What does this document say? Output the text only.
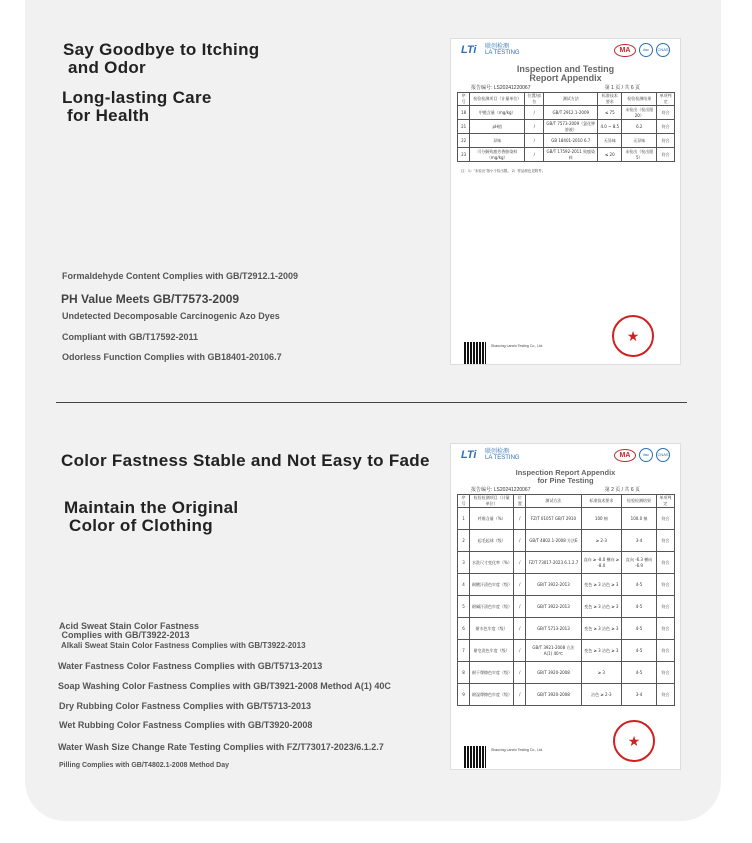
Say Goodbye to Itching
and Odor
Long-lasting Care
for Health
Formaldehyde Content Complies with GB/T2912.1-2009
PH Value Meets GB/T7573-2009
Undetected Decomposable Carcinogenic Azo Dyes
Compliant with GB/T17592-2011
Odorless Function Complies with GB18401-20106.7
LTi 联创检测
LA TESTING	MA	ilac	CNAS
Inspection and Testing
Report Appendix
报告编号: LS20241220067	第 1 页 / 共 6 页
序号	检验检测项目（计量单位）	位置/部位	测试方法	标准技术要求	检验检测结果	单项判定
18	甲醛含量（mg/kg）	/	GB/T 2912.1-2009	≤ 75	未检出（检出限20）	符合
21	pH值	/	GB/T 7573-2009（氯化钾溶液）	4.0 ~ 8.5	6.2	符合
22	异味	/	GB 18401-2010 6.7	无异味	无异味	符合
23	可分解致癌芳香胺染料（mg/kg）	/	GB/T 17592-2011 致癌染料	≤ 20	未检出（检出限5）	符合
注：1）"未检出"指小于检出限。 2）样品颜色见附件。
Shaoxing Lanxin Testing Co., Ltd.
★
Color Fastness Stable and Not Easy to Fade
Maintain the Original
Color of Clothing
Acid Sweat Stain Color Fastness
Complies with GB/T3922-2013
Alkali Sweat Stain Color Fastness Complies with GB/T3922-2013
Water Fastness Color Fastness Complies with GB/T5713-2013
Soap Washing Color Fastness Complies with GB/T3921-2008 Method A(1) 40C
Dry Rubbing Color Fastness Complies with GB/T5713-2013
Wet Rubbing Color Fastness Complies with GB/T3920-2008
Water Wash Size Change Rate Testing Complies with FZ/T73017-2023/6.1.2.7
Pilling Complies with GB/T4802.1-2008 Method Day
LTi 联创检测
LA TESTING	MA	ilac	CNAS
Inspection Report Appendix
for Pine Testing
报告编号: LS20241220067	第 2 页 / 共 6 页
序号	检验检测项目（计量单位）	位置	测试方法	标准技术要求	检验检测结果	单项判定
1	纤维含量（%）	/	FZ/T 01057 GB/T 2910	100 棉	100.0 棉	符合
2	起毛起球（级）	/	GB/T 4802.1-2008 方法E	≥ 2-3	3-4	符合
3	水洗尺寸变化率（%）	/	FZ/T 73017-2023 6.1.2.7	直向 ≥ -8.0 横向 ≥ -8.0	直向 -6.3 横向 -6.9	符合
4	耐酸汗渍色牢度（级）	/	GB/T 3922-2013	变色 ≥ 3 沾色 ≥ 3	4-5	符合
5	耐碱汗渍色牢度（级）	/	GB/T 3922-2013	变色 ≥ 3 沾色 ≥ 3	4-5	符合
6	耐水色牢度（级）	/	GB/T 5713-2013	变色 ≥ 3 沾色 ≥ 3	4-5	符合
7	耐皂洗色牢度（级）	/	GB/T 3921-2008 方法A(1) 40℃	变色 ≥ 3 沾色 ≥ 3	4-5	符合
8	耐干摩擦色牢度（级）	/	GB/T 3920-2008	≥ 3	4-5	符合
9	耐湿摩擦色牢度（级）	/	GB/T 3920-2008	沾色 ≥ 2-3	3-4	符合
Shaoxing Lanxin Testing Co., Ltd.
★
